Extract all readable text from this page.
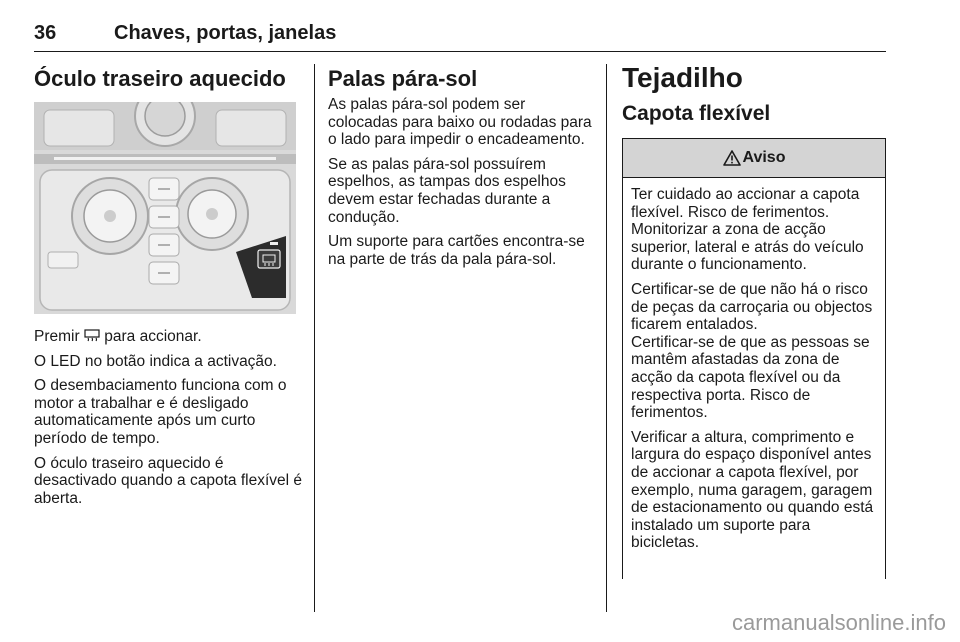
36	Chaves, portas, janelas
Óculo traseiro aquecido

Premir para accionar.

O LED no botão indica a activação.

O desembaciamento funciona com o motor a trabalhar e é desligado automaticamente após um curto período de tempo.

O óculo traseiro aquecido é desactivado quando a capota flexível é aberta.

Palas pára-sol

As palas pára-sol podem ser colocadas para baixo ou rodadas para o lado para impedir o encadeamento.

Se as palas pára-sol possuírem espelhos, as tampas dos espelhos devem estar fechadas durante a condução.

Um suporte para cartões encontra-se na parte de trás da pala pára-sol.

Tejadilho
Capota flexível
Aviso

Ter cuidado ao accionar a capota flexível. Risco de ferimentos. Monitorizar a zona de acção superior, lateral e atrás do veículo durante o funcionamento.

Certificar-se de que não há o risco de peças da carroçaria ou objectos ficarem entalados.

Certificar-se de que as pessoas se mantêm afastadas da zona de acção da capota flexível ou da respectiva porta. Risco de ferimentos.

Verificar a altura, comprimento e largura do espaço disponível antes de accionar a capota flexível, por exemplo, numa garagem, garagem de estacionamento ou quando está instalado um suporte para bicicletas.

carmanualsonline.info
